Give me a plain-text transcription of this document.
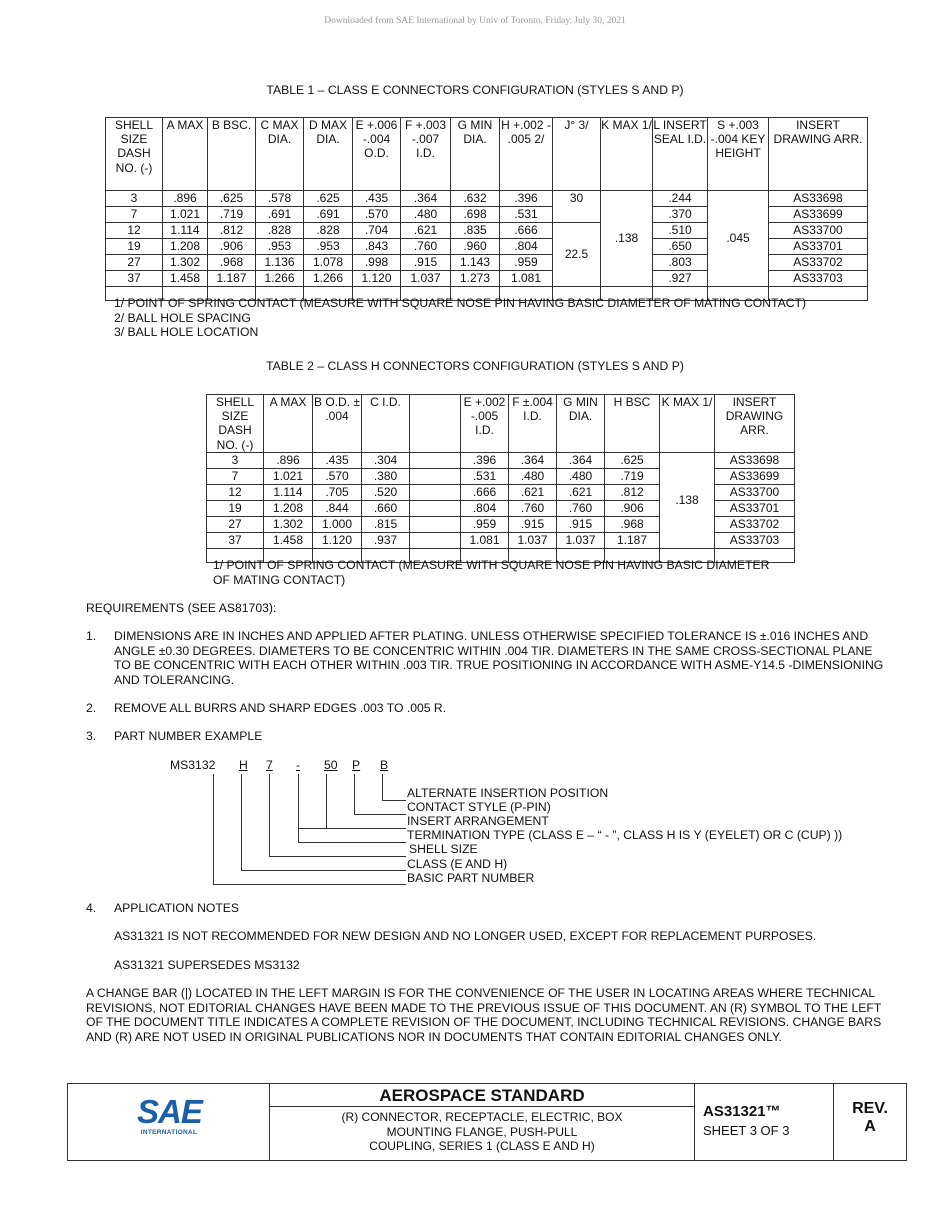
Downloaded from SAE International by Univ of Toronto, Friday, July 30, 2021
TABLE 1 – CLASS E CONNECTORS CONFIGURATION (STYLES S AND P)
SHELL SIZE DASH NO. (-)	A MAX	B BSC.	C MAX DIA.	D MAX DIA.	E +.006 -.004 O.D.	F +.003 -.007 I.D.	G MIN DIA.	H +.002 - .005 2/	J° 3/	K MAX 1/	L INSERT SEAL I.D.	S +.003 -.004 KEY HEIGHT	INSERT DRAWING ARR.
3	.896	.625	.578	.625	.435	.364	.632	.396	30	.138	.244	.045	AS33698
7	1.021	.719	.691	.691	.570	.480	.698	.531			.370		AS33699
12	1.114	.812	.828	.828	.704	.621	.835	.666	22.5		.510		AS33700
19	1.208	.906	.953	.953	.843	.760	.960	.804			.650		AS33701
27	1.302	.968	1.136	1.078	.998	.915	1.143	.959			.803		AS33702
37	1.458	1.187	1.266	1.266	1.120	1.037	1.273	1.081			.927		AS33703

1/ POINT OF SPRING CONTACT (MEASURE WITH SQUARE NOSE PIN HAVING BASIC DIAMETER OF MATING CONTACT)
2/ BALL HOLE SPACING
3/ BALL HOLE LOCATION
TABLE 2 – CLASS H CONNECTORS CONFIGURATION (STYLES S AND P)
SHELL SIZE DASH NO. (-)	A MAX	B O.D. ± .004	C I.D.		E +.002 -.005 I.D.	F ±.004 I.D.	G MIN DIA.	H BSC	K MAX 1/	INSERT DRAWING ARR.
3	.896	.435	.304		.396	.364	.364	.625	.138	AS33698
7	1.021	.570	.380		.531	.480	.480	.719		AS33699
12	1.114	.705	.520		.666	.621	.621	.812		AS33700
19	1.208	.844	.660		.804	.760	.760	.906		AS33701
27	1.302	1.000	.815		.959	.915	.915	.968		AS33702
37	1.458	1.120	.937		1.081	1.037	1.037	1.187		AS33703

1/ POINT OF SPRING CONTACT (MEASURE WITH SQUARE NOSE PIN HAVING BASIC DIAMETER
OF MATING CONTACT)
REQUIREMENTS (SEE AS81703):
1.	DIMENSIONS ARE IN INCHES AND APPLIED AFTER PLATING. UNLESS OTHERWISE SPECIFIED TOLERANCE IS ±.016 INCHES AND
ANGLE ±0.30 DEGREES. DIAMETERS TO BE CONCENTRIC WITHIN .004 TIR. DIAMETERS IN THE SAME CROSS-SECTIONAL PLANE
TO BE CONCENTRIC WITH EACH OTHER WITHIN .003 TIR. TRUE POSITIONING IN ACCORDANCE WITH ASME-Y14.5 -DIMENSIONING
AND TOLERANCING.
2. REMOVE ALL BURRS AND SHARP EDGES .003 TO .005 R.
3. PART NUMBER EXAMPLE
MS3132 H 7 - 50 P B
ALTERNATE INSERTION POSITION
CONTACT STYLE (P-PIN)
INSERT ARRANGEMENT
TERMINATION TYPE (CLASS E – “ - ”, CLASS H IS Y (EYELET) OR C (CUP) ))
SHELL SIZE
CLASS (E AND H)
BASIC PART NUMBER
4. APPLICATION NOTES
AS31321 IS NOT RECOMMENDED FOR NEW DESIGN AND NO LONGER USED, EXCEPT FOR REPLACEMENT PURPOSES.
AS31321 SUPERSEDES MS3132
A CHANGE BAR (|) LOCATED IN THE LEFT MARGIN IS FOR THE CONVENIENCE OF THE USER IN LOCATING AREAS WHERE TECHNICAL
REVISIONS, NOT EDITORIAL CHANGES HAVE BEEN MADE TO THE PREVIOUS ISSUE OF THIS DOCUMENT. AN (R) SYMBOL TO THE LEFT
OF THE DOCUMENT TITLE INDICATES A COMPLETE REVISION OF THE DOCUMENT, INCLUDING TECHNICAL REVISIONS. CHANGE BARS
AND (R) ARE NOT USED IN ORIGINAL PUBLICATIONS NOR IN DOCUMENTS THAT CONTAIN EDITORIAL CHANGES ONLY.
SAE
INTERNATIONAL
AEROSPACE STANDARD
(R) CONNECTOR, RECEPTACLE, ELECTRIC, BOX
MOUNTING FLANGE, PUSH-PULL
COUPLING, SERIES 1 (CLASS E AND H)
AS31321™
SHEET 3 OF 3
REV.
A
